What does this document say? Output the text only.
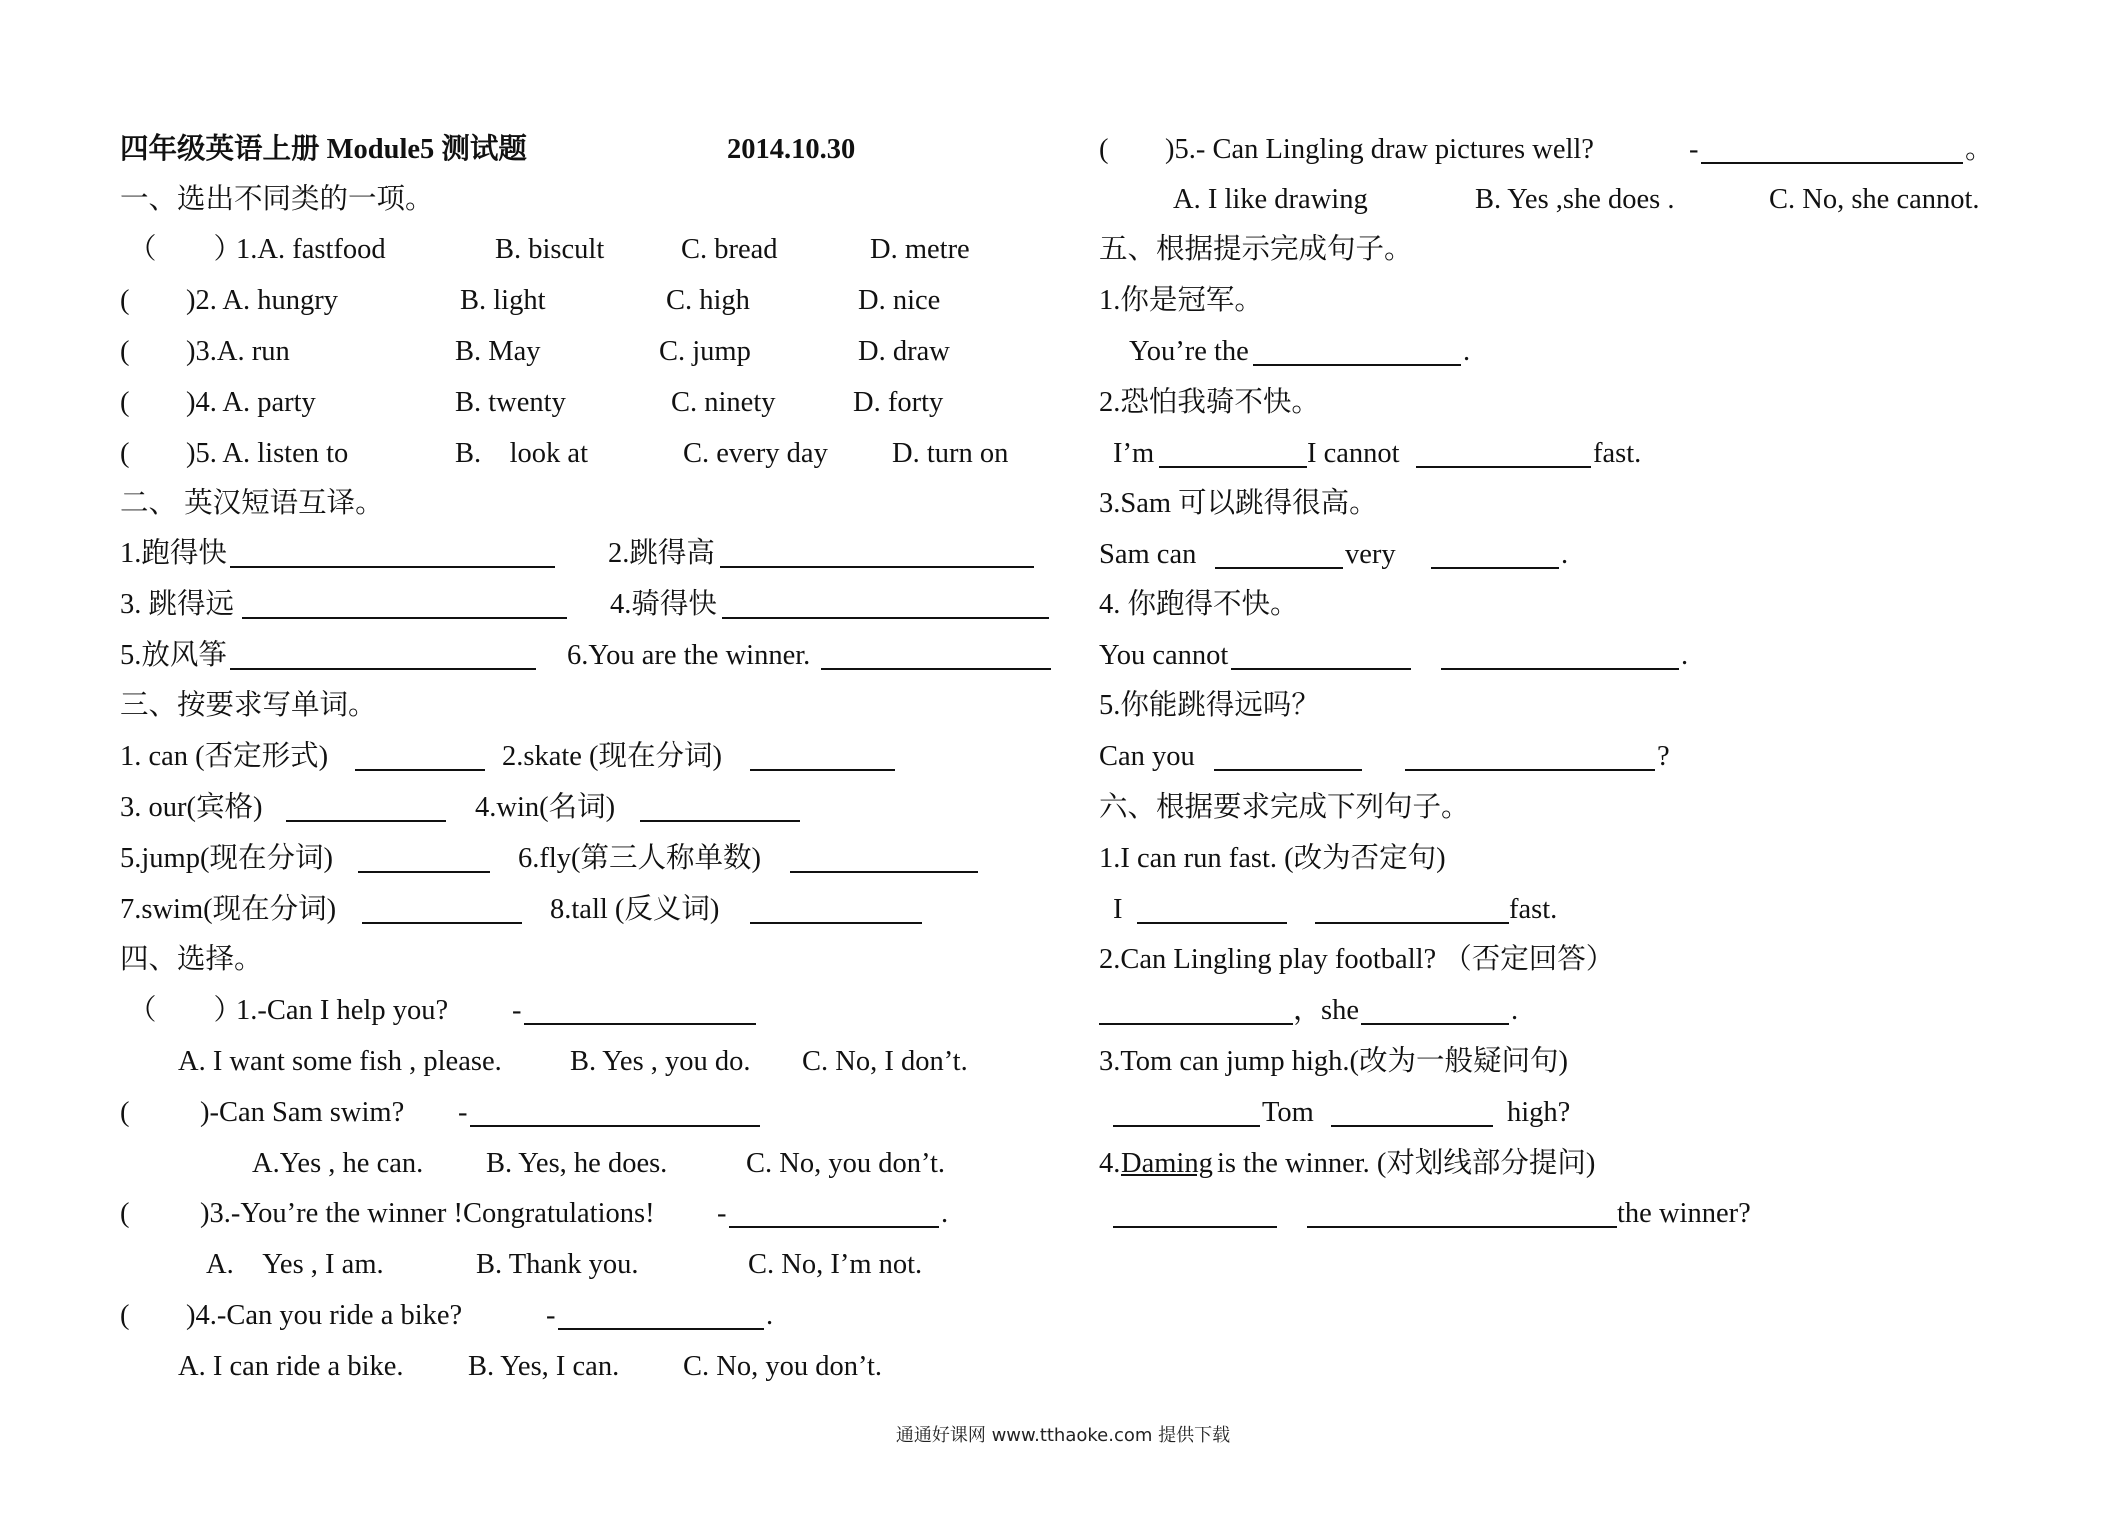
四年级英语上册 Module5 测试题	2014.10.30
一、选出不同类的一项。
（　　）
1.A. fastfood	B. biscult	C. bread	D. metre
( )2. A. hungry	B. light	C. high	D. nice
( )3.A. run	B. May	C. jump	D. draw
( )4. A. party	B. twenty	C. ninety	D. forty
( )5. A. listen to	B.　look at	C. every day D. turn on
二、 英汉短语互译。
1.跑得快	2.跳得高
3. 跳得远	4.骑得快
5.放风筝	6.You are the winner.
三、按要求写单词。
1. can (否定形式)	2.skate (现在分词)
3. our(宾格)	4.win(名词)
5.jump(现在分词)	6.fly(第三人称单数)
7.swim(现在分词)	8.tall (反义词)
四、选择。
（　　）
1.-Can I help you? -
A. I want some fish , please. B. Yes , you do. C. No, I don’t.
( )-Can Sam swim? -
A.Yes , he can. B. Yes, he does.	C. No, you don’t.
( )3.-You’re the winner !Congratulations! -	.
A.　Yes , I am.	B. Thank you.	C. No, I’m not.
( )4.-Can you ride a bike?	-	.
A. I can ride a bike. B. Yes, I can. C. No, you don’t.
( )5.- Can Lingling draw pictures well?	-	。
A. I like drawing	B. Yes ,she does .	C. No, she cannot.
五、根据提示完成句子。
1.你是冠军。
You’re the	.
2.恐怕我骑不快。
I’m	I cannot	fast.
3.Sam 可以跳得很高。
Sam can	very	.
4. 你跑得不快。
You cannot	.
5.你能跳得远吗？
Can you	?
六、根据要求完成下列句子。
1.I can run fast. (改为否定句)
I	fast.
2.Can Lingling play football? （否定回答）
， she	.
3.Tom can jump high.(改为一般疑问句)
Tom	high?
4. Daming is the winner. (对划线部分提问)
the winner?
通通好课网 www.tthaoke.com 提供下载
